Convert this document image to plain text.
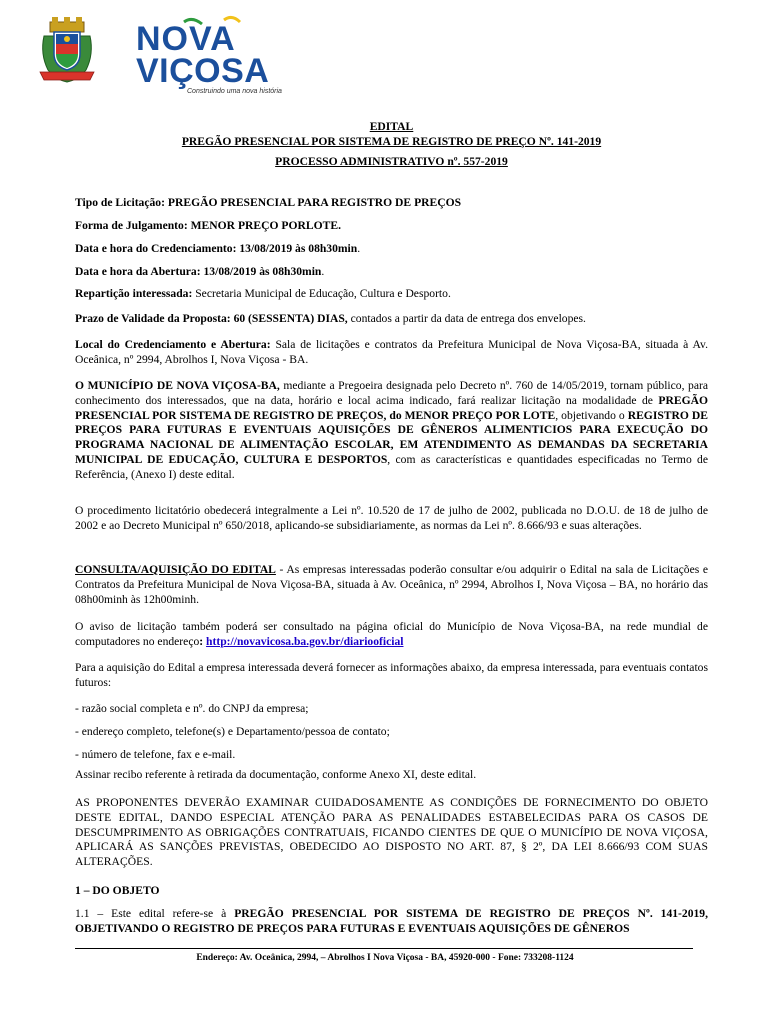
NOVA
VIÇOSA
Construindo uma nova história
EDITAL
PREGÃO PRESENCIAL POR SISTEMA DE REGISTRO DE PREÇO Nº. 141-2019
PROCESSO ADMINISTRATIVO nº. 557-2019

Tipo de Licitação: PREGÃO PRESENCIAL PARA REGISTRO DE PREÇOS

Forma de Julgamento: MENOR PREÇO PORLOTE.

Data e hora do Credenciamento: 13/08/2019 às 08h30min.

Data e hora da Abertura: 13/08/2019 às 08h30min.

Repartição interessada: Secretaria Municipal de Educação, Cultura e Desporto.

Prazo de Validade da Proposta: 60 (SESSENTA) DIAS, contados a partir da data de entrega dos envelopes.

Local do Credenciamento e Abertura: Sala de licitações e contratos da Prefeitura Municipal de Nova Viçosa-BA, situada à Av. Oceânica, nº 2994, Abrolhos I, Nova Viçosa - BA.

O MUNICÍPIO DE NOVA VIÇOSA-BA, mediante a Pregoeira designada pelo Decreto nº. 760 de 14/05/2019, tornam público, para conhecimento dos interessados, que na data, horário e local acima indicado, fará realizar licitação na modalidade de PREGÃO PRESENCIAL POR SISTEMA DE REGISTRO DE PREÇOS, do MENOR PREÇO POR LOTE, objetivando o REGISTRO DE PREÇOS PARA FUTURAS E EVENTUAIS AQUISIÇÕES DE GÊNEROS ALIMENTICIOS PARA EXECUÇÃO DO PROGRAMA NACIONAL DE ALIMENTAÇÃO ESCOLAR, EM ATENDIMENTO AS DEMANDAS DA SECRETARIA MUNICIPAL DE EDUCAÇÃO, CULTURA E DESPORTOS, com as características e quantidades especificadas no Termo de Referência, (Anexo I) deste edital.

O procedimento licitatório obedecerá integralmente a Lei nº. 10.520 de 17 de julho de 2002, publicada no D.O.U. de 18 de julho de 2002 e ao Decreto Municipal nº 650/2018, aplicando-se subsidiariamente, as normas da Lei nº. 8.666/93 e suas alterações.

CONSULTA/AQUISIÇÃO DO EDITAL - As empresas interessadas poderão consultar e/ou adquirir o Edital na sala de Licitações e Contratos da Prefeitura Municipal de Nova Viçosa-BA, situada à Av. Oceânica, nº 2994, Abrolhos I, Nova Viçosa – BA, no horário das 08h00minh às 12h00minh.

O aviso de licitação também poderá ser consultado na página oficial do Município de Nova Viçosa-BA, na rede mundial de computadores no endereço: http://novavicosa.ba.gov.br/diariooficial

Para a aquisição do Edital a empresa interessada deverá fornecer as informações abaixo, da empresa interessada, para eventuais contatos futuros:

- razão social completa e nº. do CNPJ da empresa;

- endereço completo, telefone(s) e Departamento/pessoa de contato;

- número de telefone, fax e e-mail.

Assinar recibo referente à retirada da documentação, conforme Anexo XI, deste edital.

AS PROPONENTES DEVERÃO EXAMINAR CUIDADOSAMENTE AS CONDIÇÕES DE FORNECIMENTO DO OBJETO DESTE EDITAL, DANDO ESPECIAL ATENÇÃO PARA AS PENALIDADES ESTABELECIDAS PARA OS CASOS DE DESCUMPRIMENTO AS OBRIGAÇÕES CONTRATUAIS, FICANDO CIENTES DE QUE O MUNICÍPIO DE NOVA VIÇOSA, APLICARÁ AS SANÇÕES PREVISTAS, OBEDECIDO AO DISPOSTO NO ART. 87, § 2º, DA LEI 8.666/93 COM SUAS ALTERAÇÕES.

1 – DO OBJETO

1.1 – Este edital refere-se à PREGÃO PRESENCIAL POR SISTEMA DE REGISTRO DE PREÇOS Nº. 141-2019, OBJETIVANDO O REGISTRO DE PREÇOS PARA FUTURAS E EVENTUAIS AQUISIÇÕES DE GÊNEROS

Endereço: Av. Oceânica, 2994, – Abrolhos I Nova Viçosa - BA, 45920-000 - Fone: 733208-1124
